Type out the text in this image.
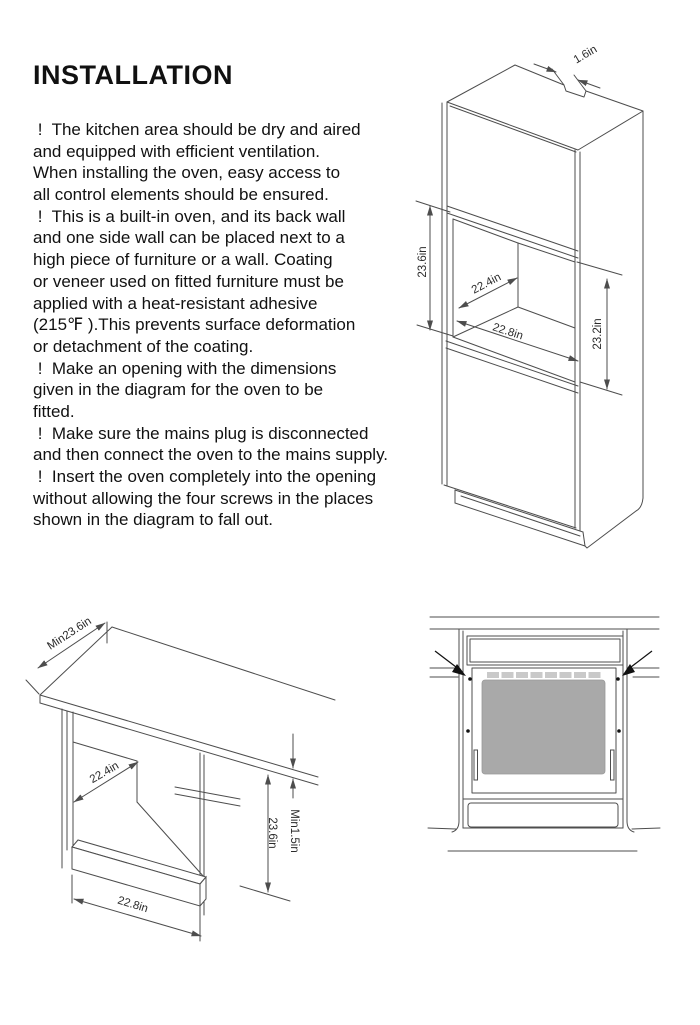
INSTALLATION
!  The kitchen area should be dry and aired
and equipped with efficient ventilation.
When installing the oven, easy access to
all control elements should be ensured.
!  This is a built-in oven, and its back wall
and one side wall can be placed next to a
high piece of furniture or a wall. Coating
or veneer used on fitted furniture must be
applied with a heat-resistant adhesive
(215℉ ).This prevents surface deformation
or detachment of the coating.
!  Make an opening with the dimensions
given in the diagram for the oven to be
fitted.
!  Make sure the mains plug is disconnected
and then connect the oven to the mains supply.
!  Insert the oven completely into the opening
without allowing the four screws in the places
shown in the diagram to fall out.
1.6in
23.6in
22.4in
22.8in	23.2in
Min23.6in
22.4in
Min1.5in
23.6in
22.8in
